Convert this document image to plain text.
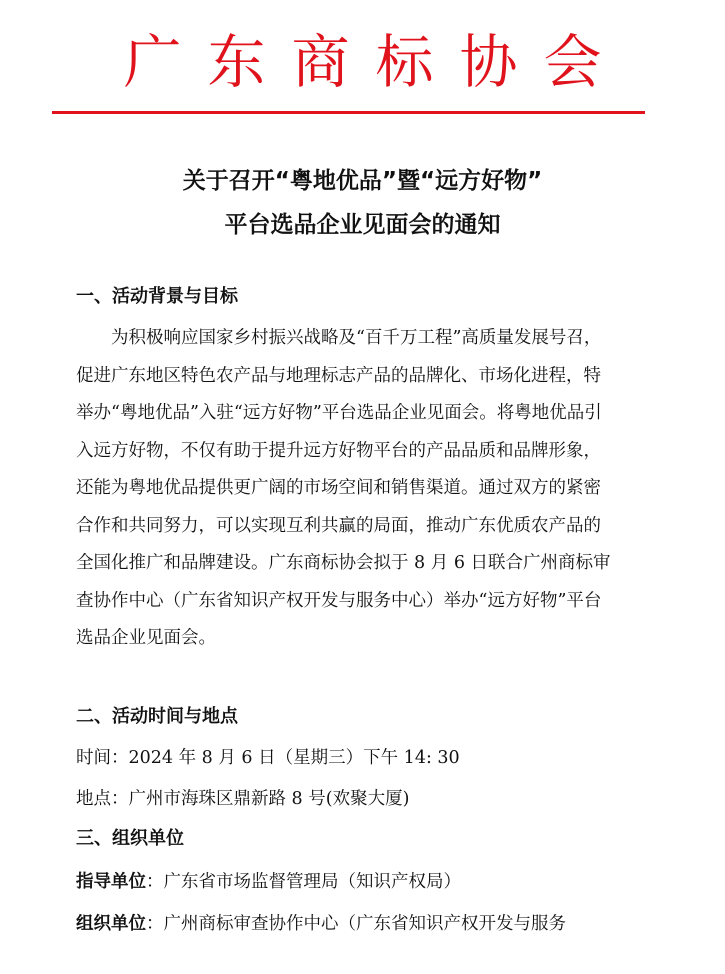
广东商标协会
关于召开“粤地优品”暨“远方好物”
平台选品企业见面会的通知
一、活动背景与目标
　　为积极响应国家乡村振兴战略及“百千万工程”高质量发展号召，
促进广东地区特色农产品与地理标志产品的品牌化、市场化进程，特
举办“粤地优品”入驻“远方好物”平台选品企业见面会。将粤地优品引
入远方好物，不仅有助于提升远方好物平台的产品品质和品牌形象，
还能为粤地优品提供更广阔的市场空间和销售渠道。通过双方的紧密
合作和共同努力，可以实现互利共赢的局面，推动广东优质农产品的
全国化推广和品牌建设。广东商标协会拟于 8 月 6 日联合广州商标审
查协作中心（广东省知识产权开发与服务中心）举办“远方好物”平台
选品企业见面会。
二、活动时间与地点
时间：2024 年 8 月 6 日（星期三）下午 14: 30
地点：广州市海珠区鼎新路 8 号(欢聚大厦)
三、组织单位
指导单位：广东省市场监督管理局（知识产权局）
组织单位：广州商标审查协作中心（广东省知识产权开发与服务
